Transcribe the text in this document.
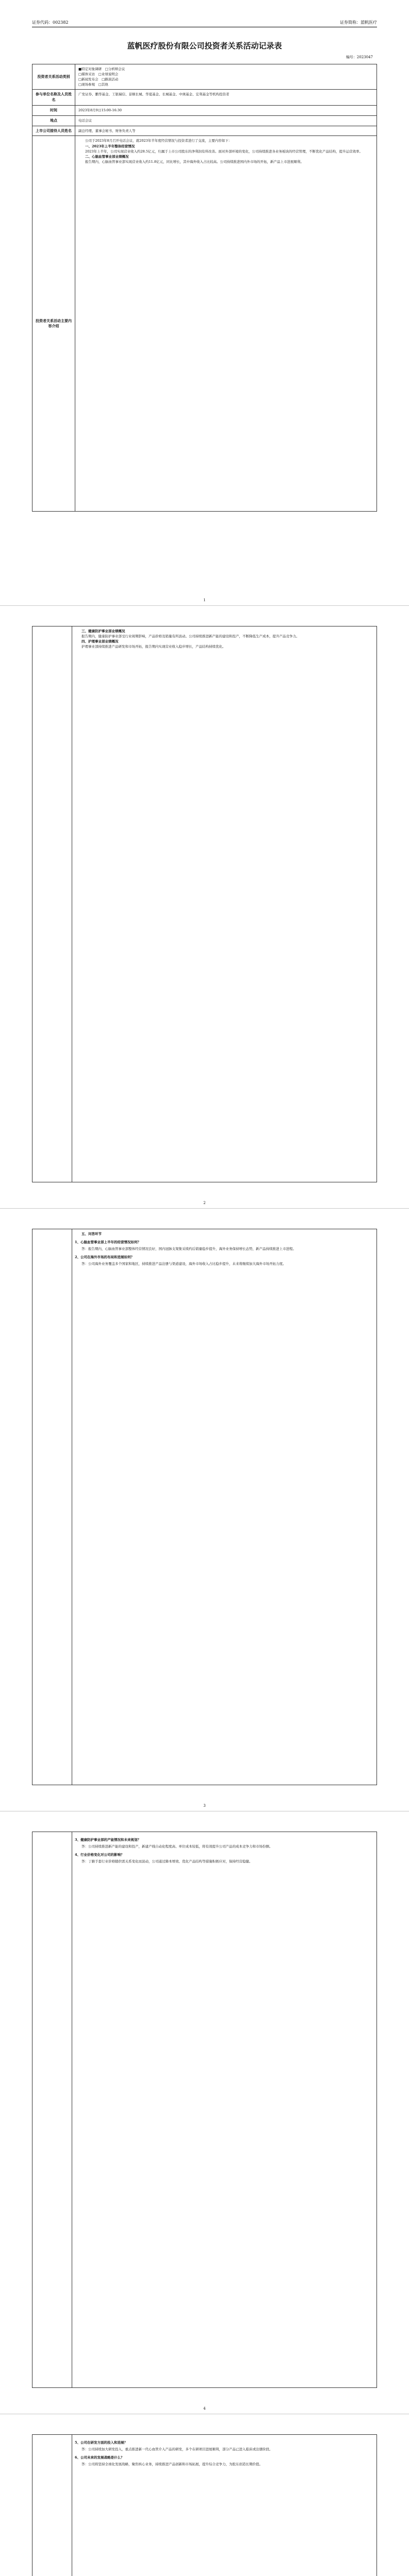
证券代码：002382	证券简称：蓝帆医疗
蓝帆医疗股份有限公司投资者关系活动记录表
编号：2023047
投资者关系活动类别	■特定对象调研　□分析师会议
□媒体采访　□业绩说明会
□新闻发布会　□路演活动
□现场参观　□其他

参与单位名称及人员姓名	广发证券、鹏华基金、工银瑞信、景顺长城、华夏基金、长城基金、中庚基金、宏利基金等机构投资者
时间	2023年8月9日15:00-16:30
地点	电话会议
上市公司接待人员姓名	副总经理、董事会秘书、财务负责人等
投资者关系活动主要内容介绍	公司于2023年8月召开电话会议，就2023年半年度经营情况与投资者进行了交流，主要内容如下：

一、2023年上半年整体经营情况

2023年上半年，公司实现营业收入约28.5亿元，归属于上市公司股东的净利润有所改善。面对外部环境的变化，公司持续推进各业务板块的经营管理，不断优化产品结构，提升运营效率。

二、心脑血管事业部业绩概况

报告期内，心脑血管事业部实现营业收入约11.8亿元，同比增长，其中海外收入占比较高。公司持续推进国内外市场的开拓，新产品上市进展顺利。

1

三、健康防护事业部业绩概况

报告期内，健康防护事业部受行业周期影响，产品价格及销量有所波动。公司持续推进新产能的建设和投产，不断降低生产成本，提升产品竞争力。

四、护理事业部业绩概况

护理事业部持续推进产品研发和市场开拓，报告期内实现营业收入稳步增长，产品结构持续优化。

2

五、问答环节

1、心脑血管事业部上半年的经营情况如何？

答：报告期内，心脑血管事业部整体经营情况良好，国内冠脉支架集采续约后销量稳步提升，海外业务保持增长态势，新产品持续推进上市进程。

2、公司在海外市场的布局和进展如何？

答：公司海外业务覆盖多个国家和地区，持续推进产品注册与渠道建设，海外市场收入占比稳步提升，未来将继续加大海外市场开拓力度。

3

3、健康防护事业部的产能情况和未来规划？

答：公司持续推进新产能的建设和投产，新建产线自动化程度高、单位成本较低，将有效提升公司产品的成本竞争力和市场份额。

4、行业价格变化对公司的影响？

答：丁腈手套行业价格随供需关系变化而波动，公司通过降本增效、优化产品结构等措施积极应对，保持经营稳健。

4

5、公司在研发方面的投入和进展？

答：公司持续加大研发投入，重点推进新一代心血管介入产品的研发，多个在研项目进展顺利，部分产品已进入临床或注册阶段。

6、公司未来的发展战略是什么？

答：公司将坚持全球化发展战略，聚焦核心业务，持续推进产品创新和市场拓展，提升综合竞争力，为股东创造长期价值。
